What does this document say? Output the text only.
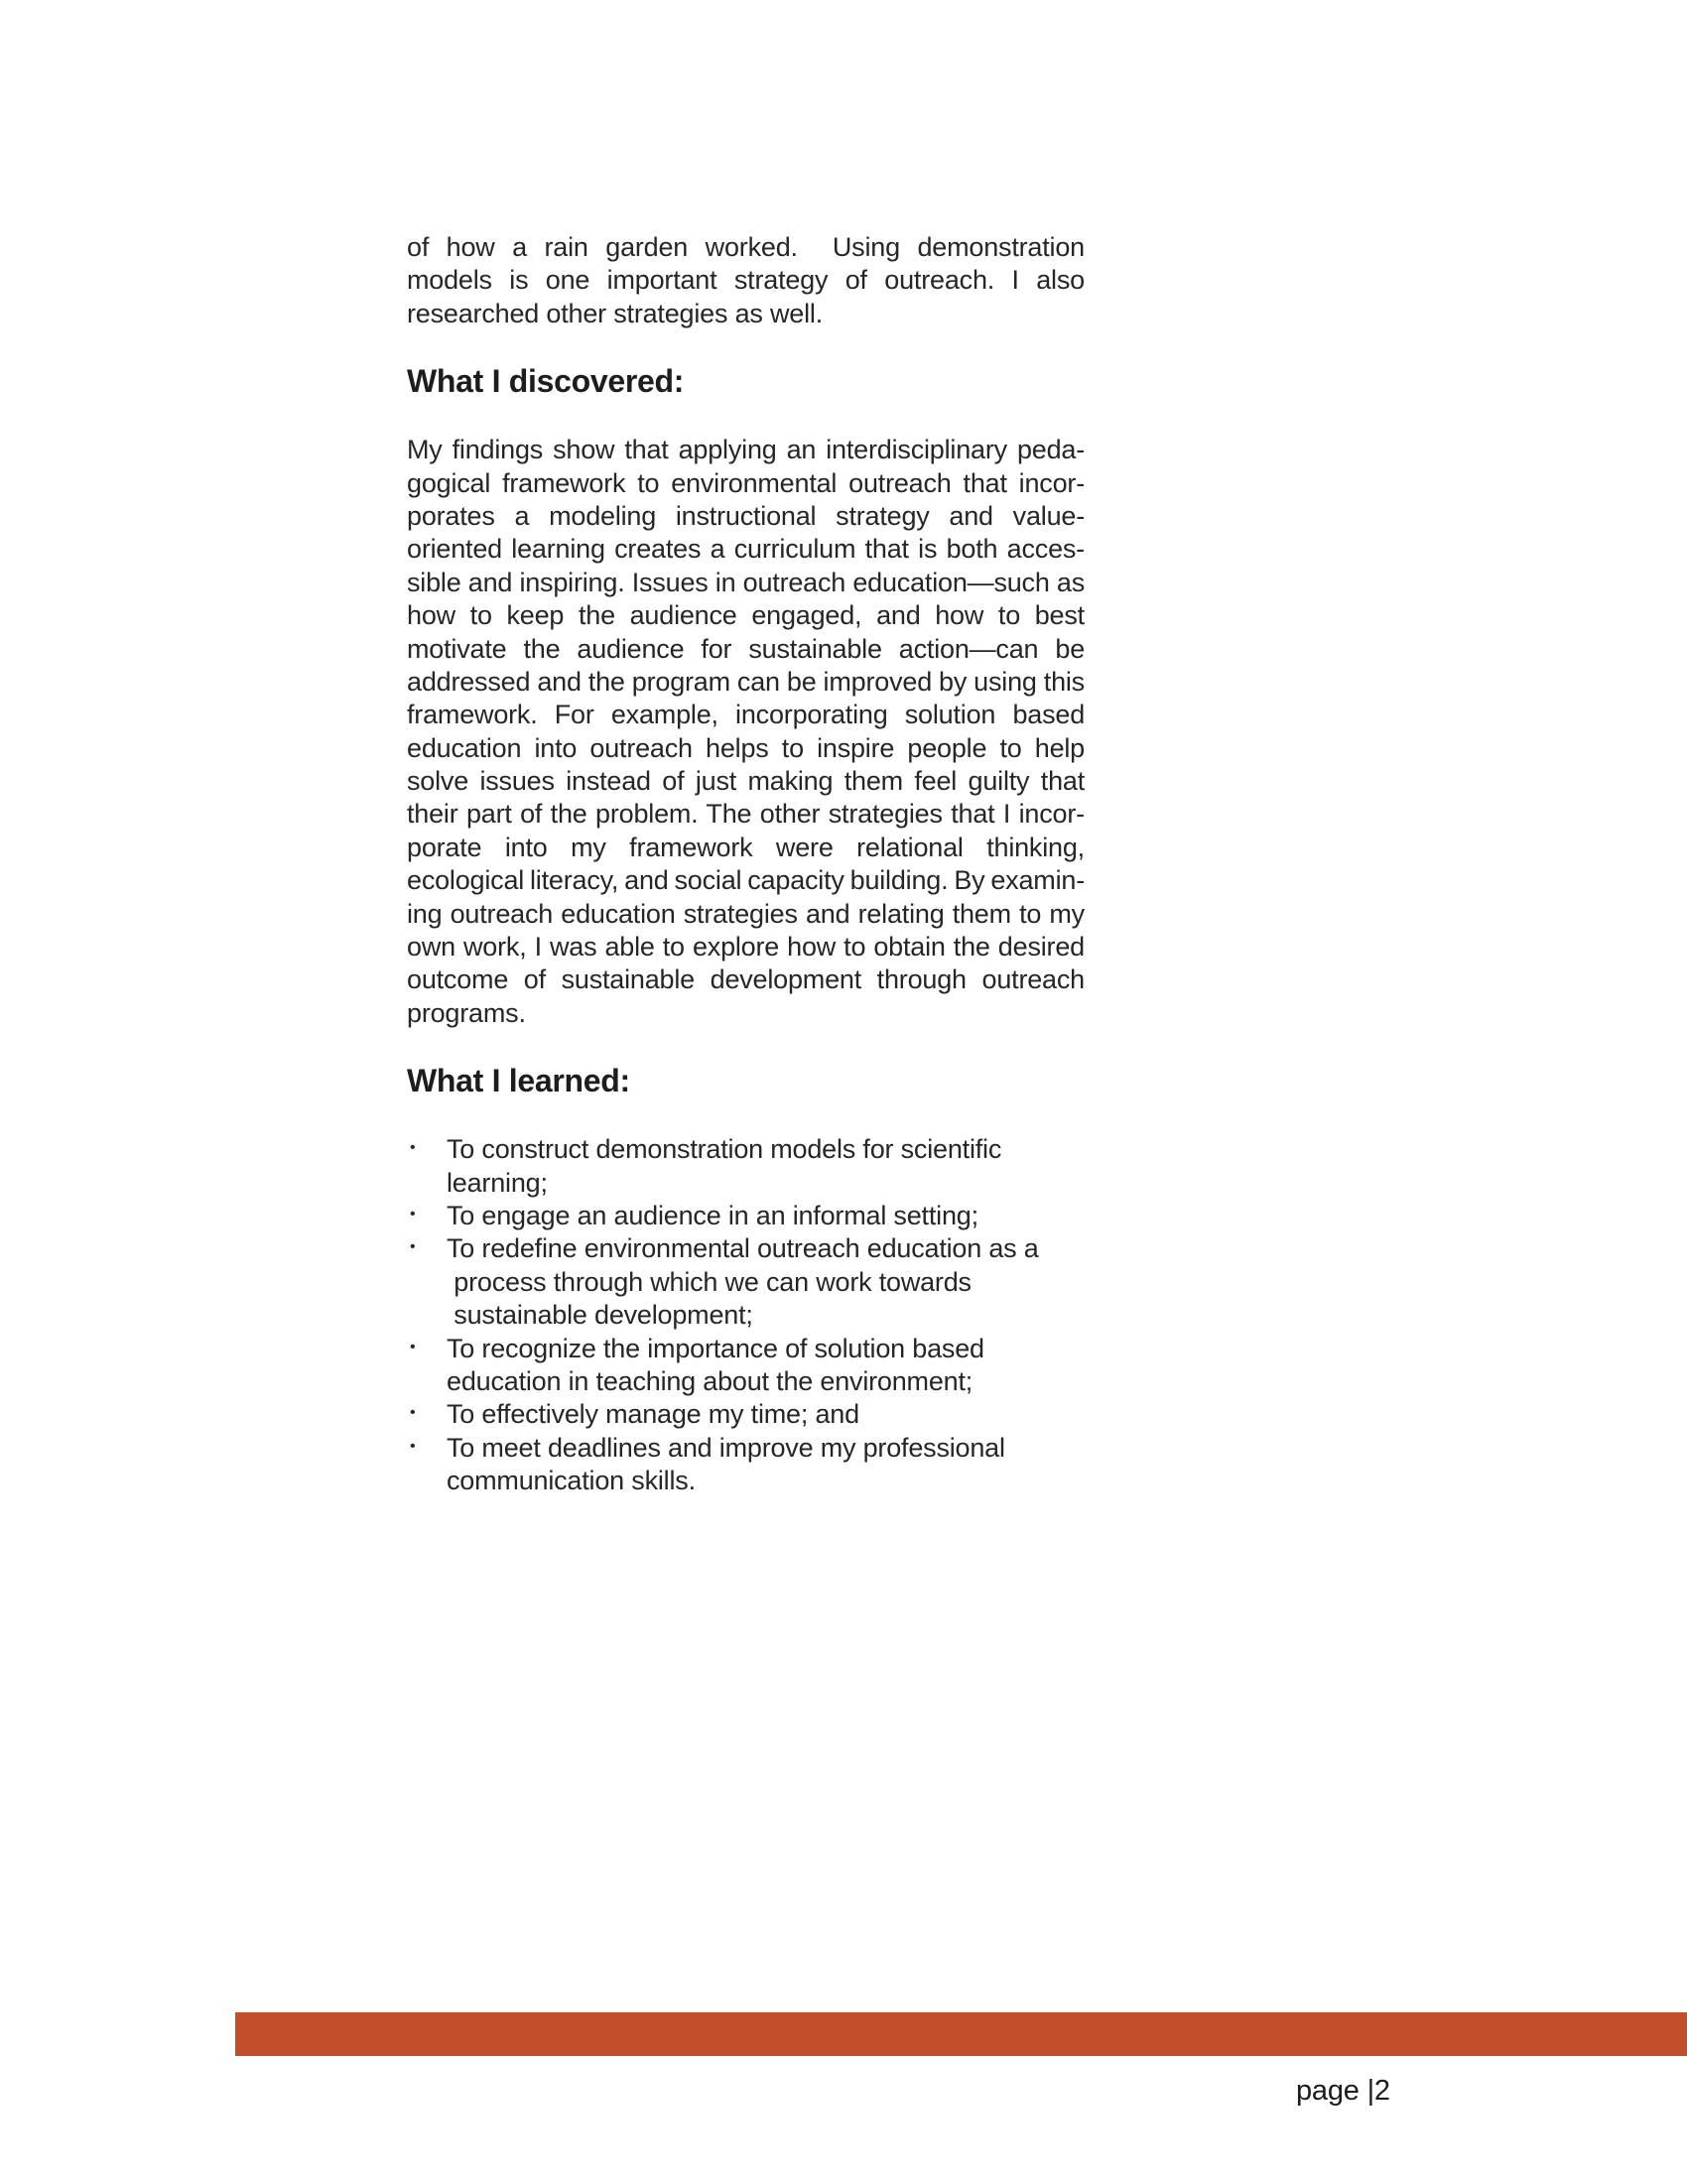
of how a rain garden worked.  Using demonstration
models is one important strategy of outreach. I also
researched other strategies as well.
What I discovered:
My findings show that applying an interdisciplinary peda-
gogical framework to environmental outreach that incor-
porates a modeling instructional strategy and value-
oriented learning creates a curriculum that is both acces-
sible and inspiring. Issues in outreach education—such as
how to keep the audience engaged, and how to best
motivate the audience for sustainable action—can be
addressed and the program can be improved by using this
framework. For example, incorporating solution based
education into outreach helps to inspire people to help
solve issues instead of just making them feel guilty that
their part of the problem. The other strategies that I incor-
porate into my framework were relational thinking,
ecological literacy, and social capacity building. By examin-
ing outreach education strategies and relating them to my
own work, I was able to explore how to obtain the desired
outcome of sustainable development through outreach
programs.
What I learned:
• To construct demonstration models for scientific
learning;
• To engage an audience in an informal setting;
• To redefine environmental outreach education as a
process through which we can work towards
sustainable development;
• To recognize the importance of solution based
education in teaching about the environment;
• To effectively manage my time; and
• To meet deadlines and improve my professional
communication skills.
page |2
